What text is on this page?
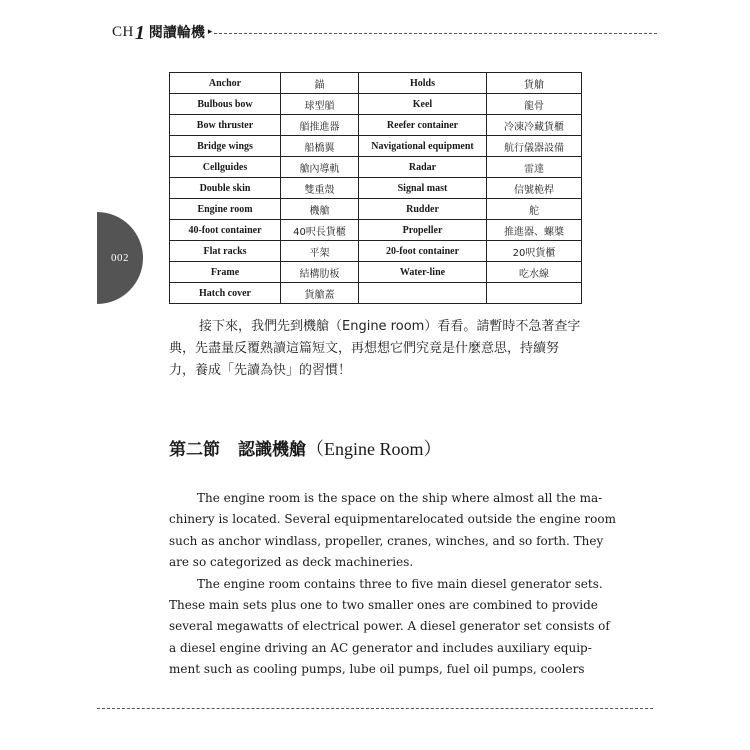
CH 1 閱讀輪機 ▸
002
Anchor	錨	Holds	貨艙
Bulbous bow	球型艏	Keel	龍骨
Bow thruster	艏推進器	Reefer container	冷凍冷藏貨櫃
Bridge wings	船橋翼	Navigational equipment	航行儀器設備
Cellguides	艙內導軌	Radar	雷達
Double skin	雙重殼	Signal mast	信號桅桿
Engine room	機艙	Rudder	舵
40-foot container	40呎長貨櫃	Propeller	推進器、螺槳
Flat racks	平架	20-foot container	20呎貨櫃
Frame	結構肋板	Water-line	吃水線
Hatch cover	貨艙蓋		
接下來，我們先到機艙（Engine room）看看。請暫時不急著查字
典，先盡量反覆熟讀這篇短文，再想想它們究竟是什麼意思，持續努
力，養成「先讀為快」的習慣！
第二節 認識機艙 （Engine Room）
The engine room is the space on the ship where almost all the ma-
chinery is located. Several equipmentarelocated outside the engine room
such as anchor windlass, propeller, cranes, winches, and so forth. They
are so categorized as deck machineries.
The engine room contains three to five main diesel generator sets.
These main sets plus one to two smaller ones are combined to provide
several megawatts of electrical power. A diesel generator set consists of
a diesel engine driving an AC generator and includes auxiliary equip-
ment such as cooling pumps, lube oil pumps, fuel oil pumps, coolers
